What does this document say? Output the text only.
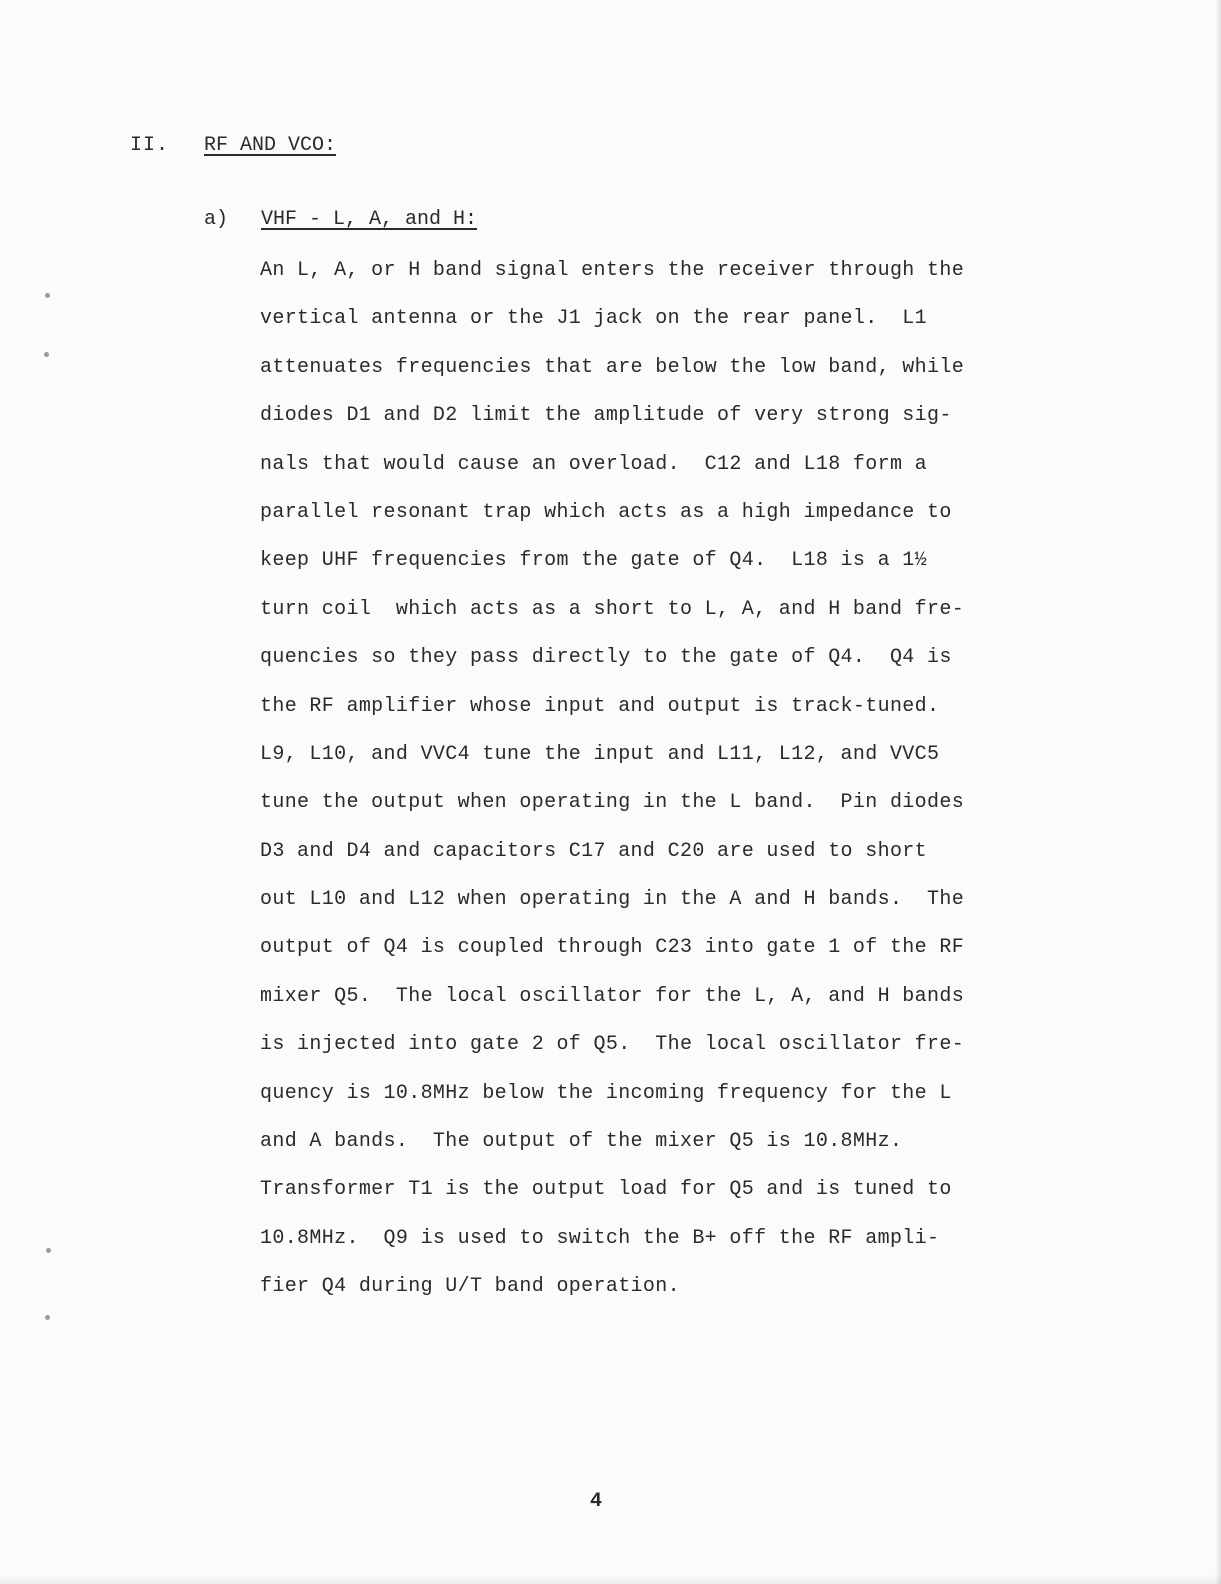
II. RF AND VCO:
a) VHF - L, A, and H:
An L, A, or H band signal enters the receiver through the
vertical antenna or the J1 jack on the rear panel.  L1
attenuates frequencies that are below the low band, while
diodes D1 and D2 limit the amplitude of very strong sig-
nals that would cause an overload.  C12 and L18 form a
parallel resonant trap which acts as a high impedance to
keep UHF frequencies from the gate of Q4.  L18 is a 1½
turn coil  which acts as a short to L, A, and H band fre-
quencies so they pass directly to the gate of Q4.  Q4 is
the RF amplifier whose input and output is track-tuned.
L9, L10, and VVC4 tune the input and L11, L12, and VVC5
tune the output when operating in the L band.  Pin diodes
D3 and D4 and capacitors C17 and C20 are used to short
out L10 and L12 when operating in the A and H bands.  The
output of Q4 is coupled through C23 into gate 1 of the RF
mixer Q5.  The local oscillator for the L, A, and H bands
is injected into gate 2 of Q5.  The local oscillator fre-
quency is 10.8MHz below the incoming frequency for the L
and A bands.  The output of the mixer Q5 is 10.8MHz.
Transformer T1 is the output load for Q5 and is tuned to
10.8MHz.  Q9 is used to switch the B+ off the RF ampli-
fier Q4 during U/T band operation.
4
